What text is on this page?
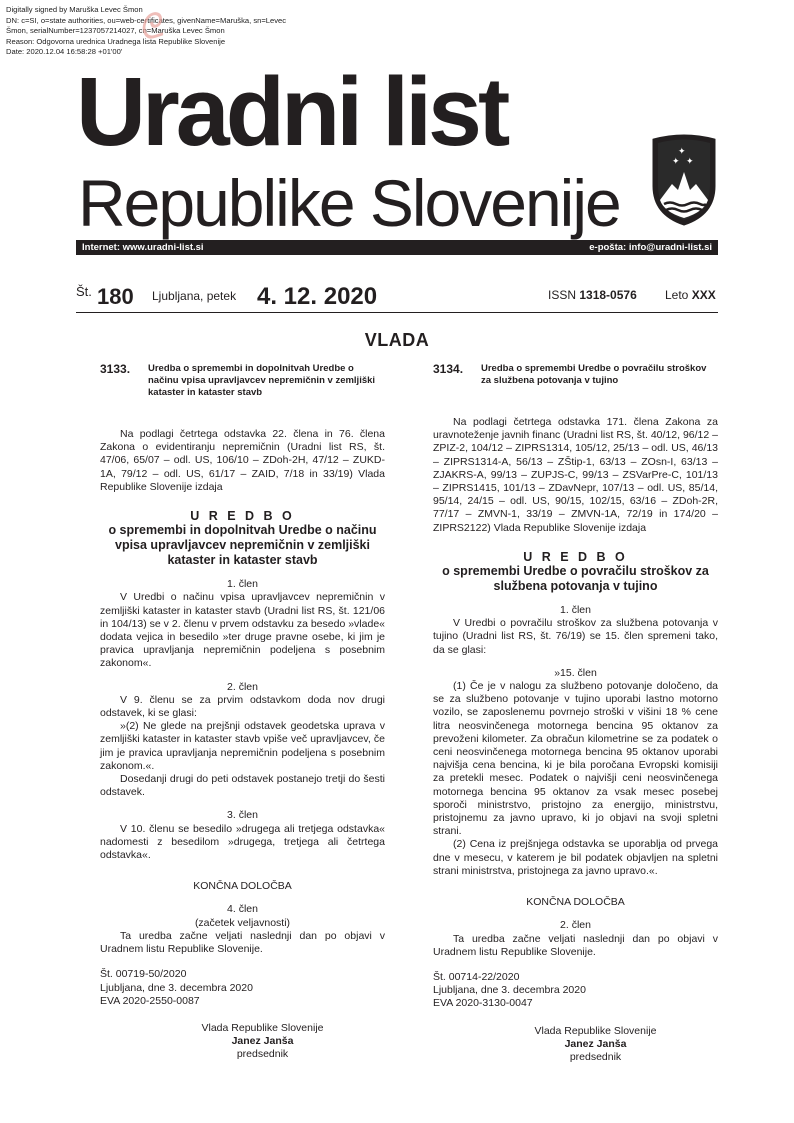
Digitally signed by Maruška Levec Šmon
DN: c=SI, o=state authorities, ou=web-certificates, givenName=Maruška, sn=Levec
Šmon, serialNumber=1237057214027, cn=Maruška Levec Šmon
Reason: Odgovorna urednica Uradnega lista Republike Slovenije
Date: 2020.12.04 16:58:28 +01'00'
ᘓ
Uradni list
Republike Slovenije
✦
✦ ✦
Internet: www.uradni-list.si	e-pošta: info@uradni-list.si
Št. 180 Ljubljana, petek 4. 12. 2020	ISSN 1318-0576 Leto XXX
VLADA
3133.	Uredba o spremembi in dopolnitvah Uredbe o načinu vpisa upravljavcev nepremičnin v zemljiški kataster in kataster stavb

Na podlagi četrtega odstavka 22. člena in 76. člena Zakona o evidentiranju nepremičnin (Uradni list RS, št. 47/06, 65/07 – odl. US, 106/10 – ZDoh-2H, 47/12 – ZUKD-1A, 79/12 – odl. US, 61/17 – ZAID, 7/18 in 33/19) Vlada Republike Slovenije izdaja

U R E D B O
o spremembi in dopolnitvah Uredbe o načinu vpisa upravljavcev nepremičnin v zemljiški kataster in kataster stavb
1. člen

V Uredbi o načinu vpisa upravljavcev nepremičnin v zemljiški kataster in kataster stavb (Uradni list RS, št. 121/06 in 104/13) se v 2. členu v prvem odstavku za besedo »vlade« dodata vejica in besedilo »ter druge pravne osebe, ki jim je pravica upravljanja nepremičnin podeljena s posebnim zakonom«.

2. člen

V 9. členu se za prvim odstavkom doda nov drugi odstavek, ki se glasi:

»(2) Ne glede na prejšnji odstavek geodetska uprava v zemljiški kataster in kataster stavb vpiše več upravljavcev, če jim je pravica upravljanja nepremičnin podeljena s posebnim zakonom.«.

Dosedanji drugi do peti odstavek postanejo tretji do šesti odstavek.

3. člen

V 10. členu se besedilo »drugega ali tretjega odstavka« nadomesti z besedilom »drugega, tretjega ali četrtega odstavka«.

KONČNA DOLOČBA
4. člen
(začetek veljavnosti)

Ta uredba začne veljati naslednji dan po objavi v Uradnem listu Republike Slovenije.

Št. 00719-50/2020
Ljubljana, dne 3. decembra 2020
EVA 2020-2550-0087
Vlada Republike Slovenije
Janez Janša
predsednik
3134.	Uredba o spremembi Uredbe o povračilu stroškov za službena potovanja v tujino

Na podlagi četrtega odstavka 171. člena Zakona za uravnoteženje javnih financ (Uradni list RS, št. 40/12, 96/12 – ZPIZ-2, 104/12 – ZIPRS1314, 105/12, 25/13 – odl. US, 46/13 – ZIPRS1314-A, 56/13 – ZŠtip-1, 63/13 – ZOsn-I, 63/13 – ZJAKRS-A, 99/13 – ZUPJS-C, 99/13 – ZSVarPre-C, 101/13 – ZIPRS1415, 101/13 – ZDavNepr, 107/13 – odl. US, 85/14, 95/14, 24/15 – odl. US, 90/15, 102/15, 63/16 – ZDoh-2R, 77/17 – ZMVN-1, 33/19 – ZMVN-1A, 72/19 in 174/20 – ZIPRS2122) Vlada Republike Slovenije izdaja

U R E D B O
o spremembi Uredbe o povračilu stroškov za službena potovanja v tujino
1. člen

V Uredbi o povračilu stroškov za službena potovanja v tujino (Uradni list RS, št. 76/19) se 15. člen spremeni tako, da se glasi:

»15. člen

(1) Če je v nalogu za službeno potovanje določeno, da se za službeno potovanje v tujino uporabi lastno motorno vozilo, se zaposlenemu povrnejo stroški v višini 18 % cene litra neosvinčenega motornega bencina 95 oktanov za prevoženi kilometer. Za obračun kilometrine se za podatek o ceni neosvinčenega motornega bencina 95 oktanov uporabi najvišja cena bencina, ki je bila poročana Evropski komisiji za pretekli mesec. Podatek o najvišji ceni neosvinčenega motornega bencina 95 oktanov za vsak mesec posebej sporoči ministrstvo, pristojno za energijo, ministrstvu, pristojnemu za javno upravo, ki jo objavi na svoji spletni strani.

(2) Cena iz prejšnjega odstavka se uporablja od prvega dne v mesecu, v katerem je bil podatek objavljen na spletni strani ministrstva, pristojnega za javno upravo.«.

KONČNA DOLOČBA
2. člen

Ta uredba začne veljati naslednji dan po objavi v Uradnem listu Republike Slovenije.

Št. 00714-22/2020
Ljubljana, dne 3. decembra 2020
EVA 2020-3130-0047
Vlada Republike Slovenije
Janez Janša
predsednik
